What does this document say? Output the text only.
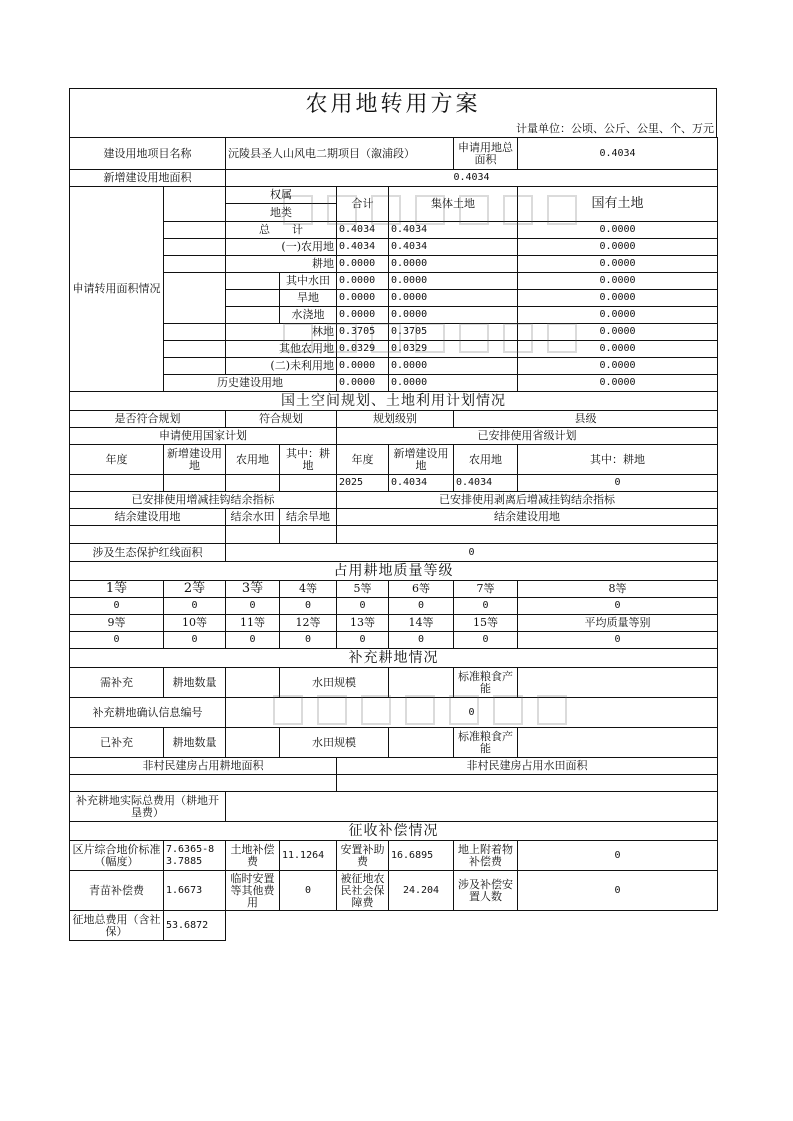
农用地转用方案
计量单位：公顷、公斤、公里、个、万元
建设用地项目名称		沅陵县圣人山风电二期项目（溆浦段）				申请用地总面积	0.4034
新增建设用地面积		0.4034					
申请转用面积情况		权属		合计	集体土地		国有土地
		地类					
		总　　计		0.4034	0.4034		0.0000
		(一)农用地		0.4034	0.4034		0.0000
		耕地		0.0000	0.0000		0.0000
			其中水田	0.0000	0.0000		0.0000
			旱地	0.0000	0.0000		0.0000
			水浇地	0.0000	0.0000		0.0000
		林地		0.3705	0.3705		0.0000
		其他农用地		0.0329	0.0329		0.0000
		(二)未利用地		0.0000	0.0000		0.0000
	历史建设用地			0.0000	0.0000		0.0000
国土空间规划、土地利用计划情况							
是否符合规划		符合规划		规划级别		县级	
申请使用国家计划				已安排使用省级计划			
年度	新增建设用地	农用地	其中：耕地	年度	新增建设用地	农用地	其中：耕地
				2025	0.4034	0.4034	0
已安排使用增减挂钩结余指标				已安排使用剥离后增减挂钩结余指标			
结余建设用地		结余水田	结余旱地	结余建设用地			

涉及生态保护红线面积		0					
占用耕地质量等级							
1等	2等	3等	4等	5等	6等	7等	8等
0	0	0	0	0	0	0	0
9等	10等	11等	12等	13等	14等	15等	平均质量等别
0	0	0	0	0	0	0	0
补充耕地情况							
需补充	耕地数量		水田规模			标准粮食产能	
补充耕地确认信息编号		0					
已补充	耕地数量		水田规模			标准粮食产能	
非村民建房占用耕地面积				非村民建房占用水田面积			

补充耕地实际总费用（耕地开垦费）							
征收补偿情况							
区片综合地价标准（幅度）	7.6365-83.7885	土地补偿费	11.1264	安置补助费	16.6895	地上附着物补偿费	0
青苗补偿费	1.6673	临时安置等其他费用	0	被征地农民社会保障费	24.204	涉及补偿安置人数	0
征地总费用（含社保）	53.6872						
